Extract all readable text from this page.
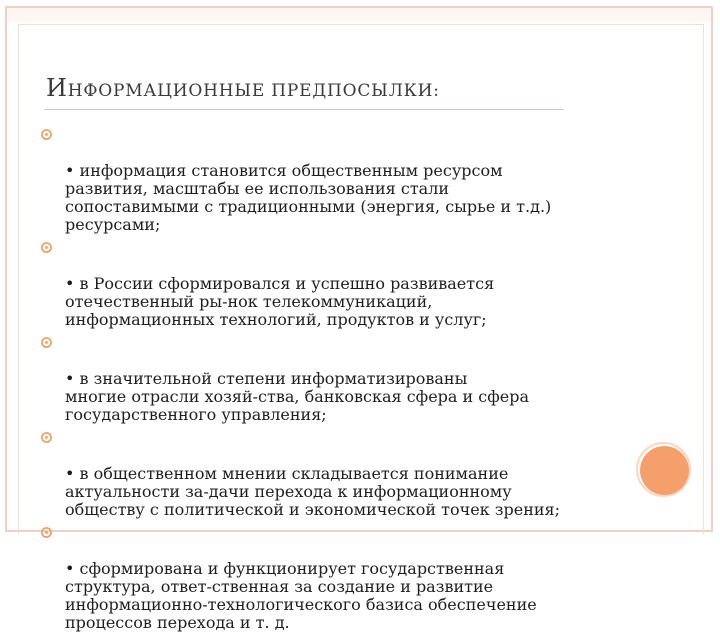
ИНФОРМАЦИОННЫЕ ПРЕДПОСЫЛКИ:

• информация становится общественным ресурсом
развития, масштабы ее использования стали
сопоставимыми с традиционными (энергия, сырье и т.д.)
ресурсами;

• в России сформировался и успешно развивается
отечественный ры-нок телекоммуникаций,
информационных технологий, продуктов и услуг;

• в значительной степени информатизированы
многие отрасли хозяй-ства, банковская сфера и сфера
государственного управления;

• в общественном мнении складывается понимание
актуальности за-дачи перехода к информационному
обществу с политической и экономической точек зрения;

• сформирована и функционирует государственная
структура, ответ-ственная за создание и развитие
информационно-технологического базиса обеспечение
процессов перехода и т. д.
